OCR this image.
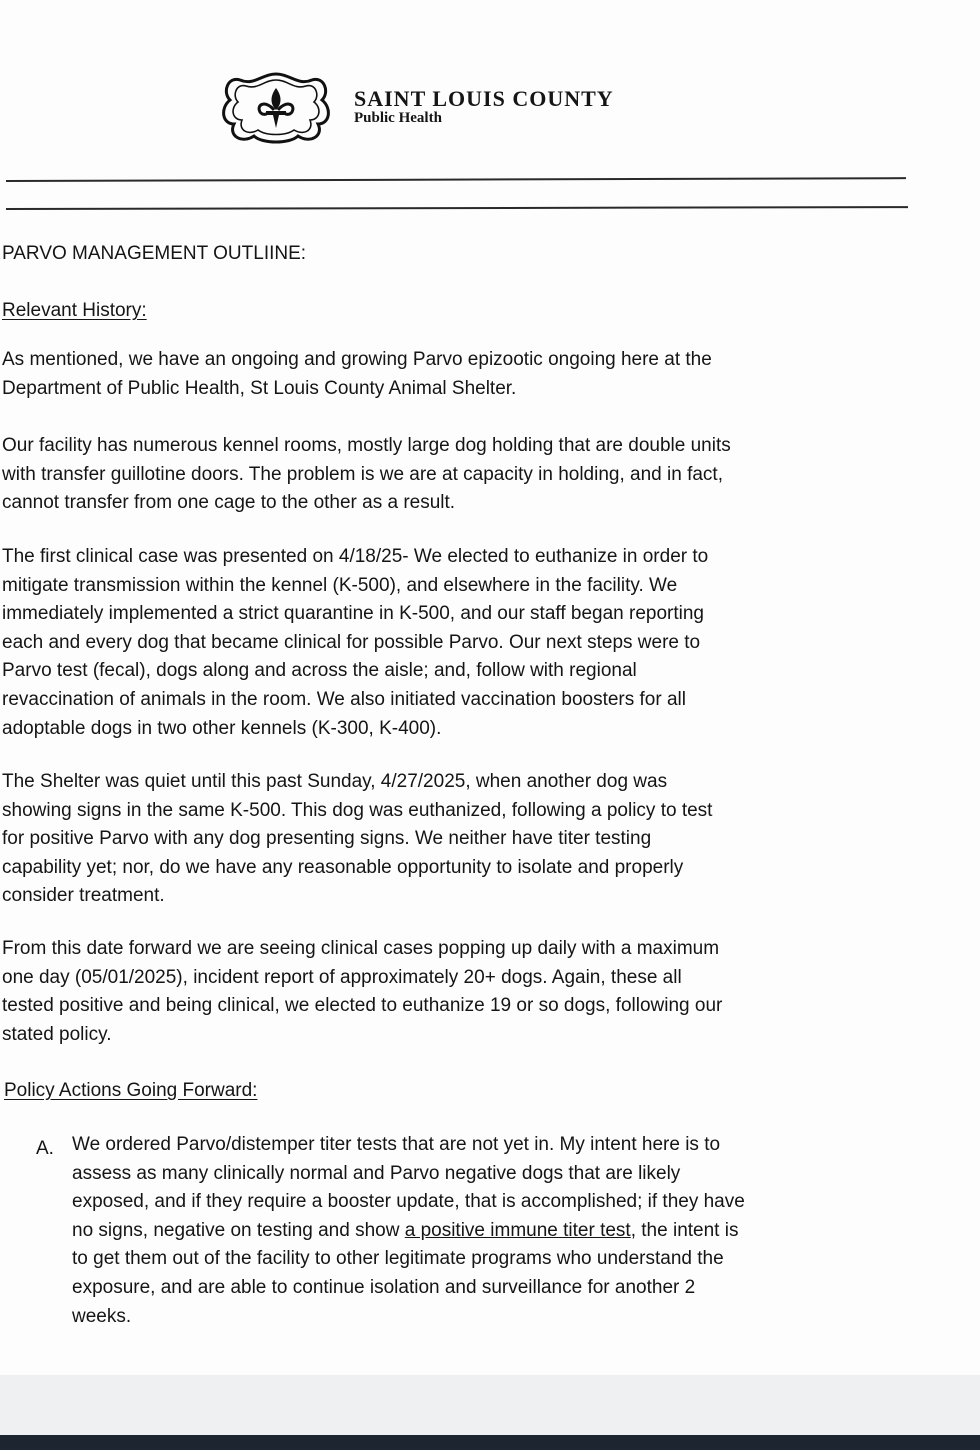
SAINT LOUIS COUNTY
Public Health
PARVO MANAGEMENT OUTLIINE:
Relevant History:
As mentioned, we have an ongoing and growing Parvo epizootic ongoing here at the
Department of Public Health, St Louis County Animal Shelter.
Our facility has numerous kennel rooms, mostly large dog holding that are double units
with transfer guillotine doors. The problem is we are at capacity in holding, and in fact,
cannot transfer from one cage to the other as a result.
The first clinical case was presented on 4/18/25- We elected to euthanize in order to
mitigate transmission within the kennel (K-500), and elsewhere in the facility. We
immediately implemented a strict quarantine in K-500, and our staff began reporting
each and every dog that became clinical for possible Parvo. Our next steps were to
Parvo test (fecal), dogs along and across the aisle; and, follow with regional
revaccination of animals in the room. We also initiated vaccination boosters for all
adoptable dogs in two other kennels (K-300, K-400).
The Shelter was quiet until this past Sunday, 4/27/2025, when another dog was
showing signs in the same K-500. This dog was euthanized, following a policy to test
for positive Parvo with any dog presenting signs. We neither have titer testing
capability yet; nor, do we have any reasonable opportunity to isolate and properly
consider treatment.
From this date forward we are seeing clinical cases popping up daily with a maximum
one day (05/01/2025), incident report of approximately 20+ dogs. Again, these all
tested positive and being clinical, we elected to euthanize 19 or so dogs, following our
stated policy.
Policy Actions Going Forward:
A. We ordered Parvo/distemper titer tests that are not yet in. My intent here is to
assess as many clinically normal and Parvo negative dogs that are likely
exposed, and if they require a booster update, that is accomplished; if they have
no signs, negative on testing and show a positive immune titer test, the intent is
to get them out of the facility to other legitimate programs who understand the
exposure, and are able to continue isolation and surveillance for another 2
weeks.
